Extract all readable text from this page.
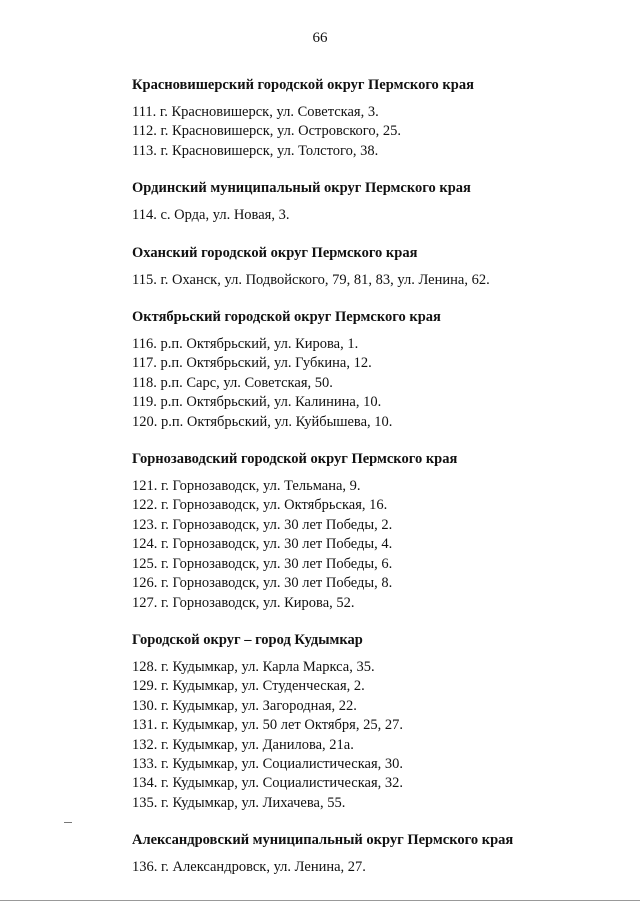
66
Красновишерский городской округ Пермского края
111. г. Красновишерск, ул. Советская, 3.
112. г. Красновишерск, ул. Островского, 25.
113. г. Красновишерск, ул. Толстого, 38.
Ординский муниципальный округ Пермского края
114. с. Орда, ул. Новая, 3.
Оханский городской округ Пермского края
115. г. Оханск, ул. Подвойского, 79, 81, 83, ул. Ленина, 62.
Октябрьский городской округ Пермского края
116. р.п. Октябрьский, ул. Кирова, 1.
117. р.п. Октябрьский, ул. Губкина, 12.
118. р.п. Сарс, ул. Советская, 50.
119. р.п. Октябрьский, ул. Калинина, 10.
120. р.п. Октябрьский, ул. Куйбышева, 10.
Горнозаводский городской округ Пермского края
121. г. Горнозаводск, ул. Тельмана, 9.
122. г. Горнозаводск, ул. Октябрьская, 16.
123. г. Горнозаводск, ул. 30 лет Победы, 2.
124. г. Горнозаводск, ул. 30 лет Победы, 4.
125. г. Горнозаводск, ул. 30 лет Победы, 6.
126. г. Горнозаводск, ул. 30 лет Победы, 8.
127. г. Горнозаводск, ул. Кирова, 52.
Городской округ – город Кудымкар
128. г. Кудымкар, ул. Карла Маркса, 35.
129. г. Кудымкар, ул. Студенческая, 2.
130. г. Кудымкар, ул. Загородная, 22.
131. г. Кудымкар, ул. 50 лет Октября, 25, 27.
132. г. Кудымкар, ул. Данилова, 21а.
133. г. Кудымкар, ул. Социалистическая, 30.
134. г. Кудымкар, ул. Социалистическая, 32.
135. г. Кудымкар, ул. Лихачева, 55.
Александровский муниципальный округ Пермского края
136. г. Александровск, ул. Ленина, 27.
